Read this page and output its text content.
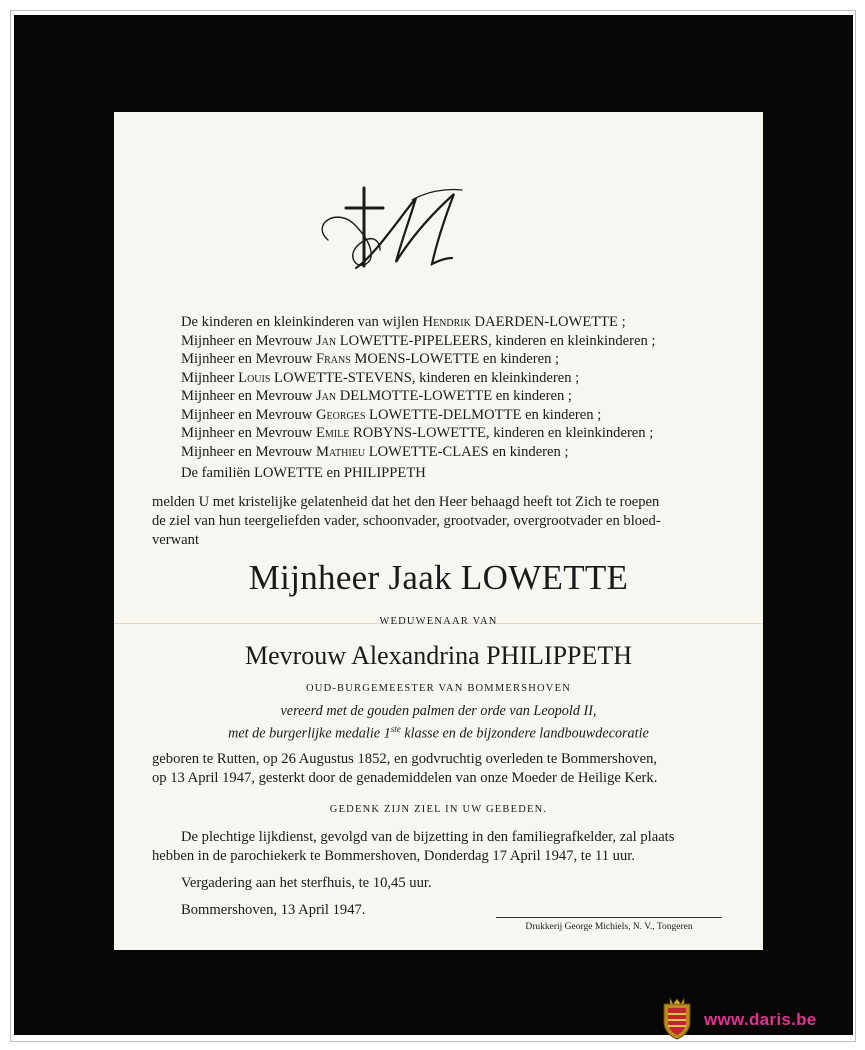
De kinderen en kleinkinderen van wijlen Hendrik DAERDEN-LOWETTE ;
Mijnheer en Mevrouw Jan LOWETTE-PIPELEERS, kinderen en kleinkinderen ;
Mijnheer en Mevrouw Frans MOENS-LOWETTE en kinderen ;
Mijnheer Louis LOWETTE-STEVENS, kinderen en kleinkinderen ;
Mijnheer en Mevrouw Jan DELMOTTE-LOWETTE en kinderen ;
Mijnheer en Mevrouw Georges LOWETTE-DELMOTTE en kinderen ;
Mijnheer en Mevrouw Emile ROBYNS-LOWETTE, kinderen en kleinkinderen ;
Mijnheer en Mevrouw Mathieu LOWETTE-CLAES en kinderen ;
De familiën LOWETTE en PHILIPPETH
melden U met kristelijke gelatenheid dat het den Heer behaagd heeft tot Zich te roepen
de ziel van hun teergeliefden vader, schoonvader, grootvader, overgrootvader en bloed-
verwant
Mijnheer Jaak LOWETTE
WEDUWENAAR VAN
Mevrouw Alexandrina PHILIPPETH
OUD-BURGEMEESTER VAN BOMMERSHOVEN
vereerd met de gouden palmen der orde van Leopold II,
met de burgerlijke medalie 1ste klasse en de bijzondere landbouwdecoratie
geboren te Rutten, op 26 Augustus 1852, en godvruchtig overleden te Bommershoven,
op 13 April 1947, gesterkt door de genademiddelen van onze Moeder de Heilige Kerk.
GEDENK ZIJN ZIEL IN UW GEBEDEN.
De plechtige lijkdienst, gevolgd van de bijzetting in den familiegrafkelder, zal plaats
hebben in de parochiekerk te Bommershoven, Donderdag 17 April 1947, te 11 uur.
Vergadering aan het sterfhuis, te 10,45 uur.
Bommershoven, 13 April 1947.
Drukkerij George Michiels, N. V., Tongeren
www.daris.be
